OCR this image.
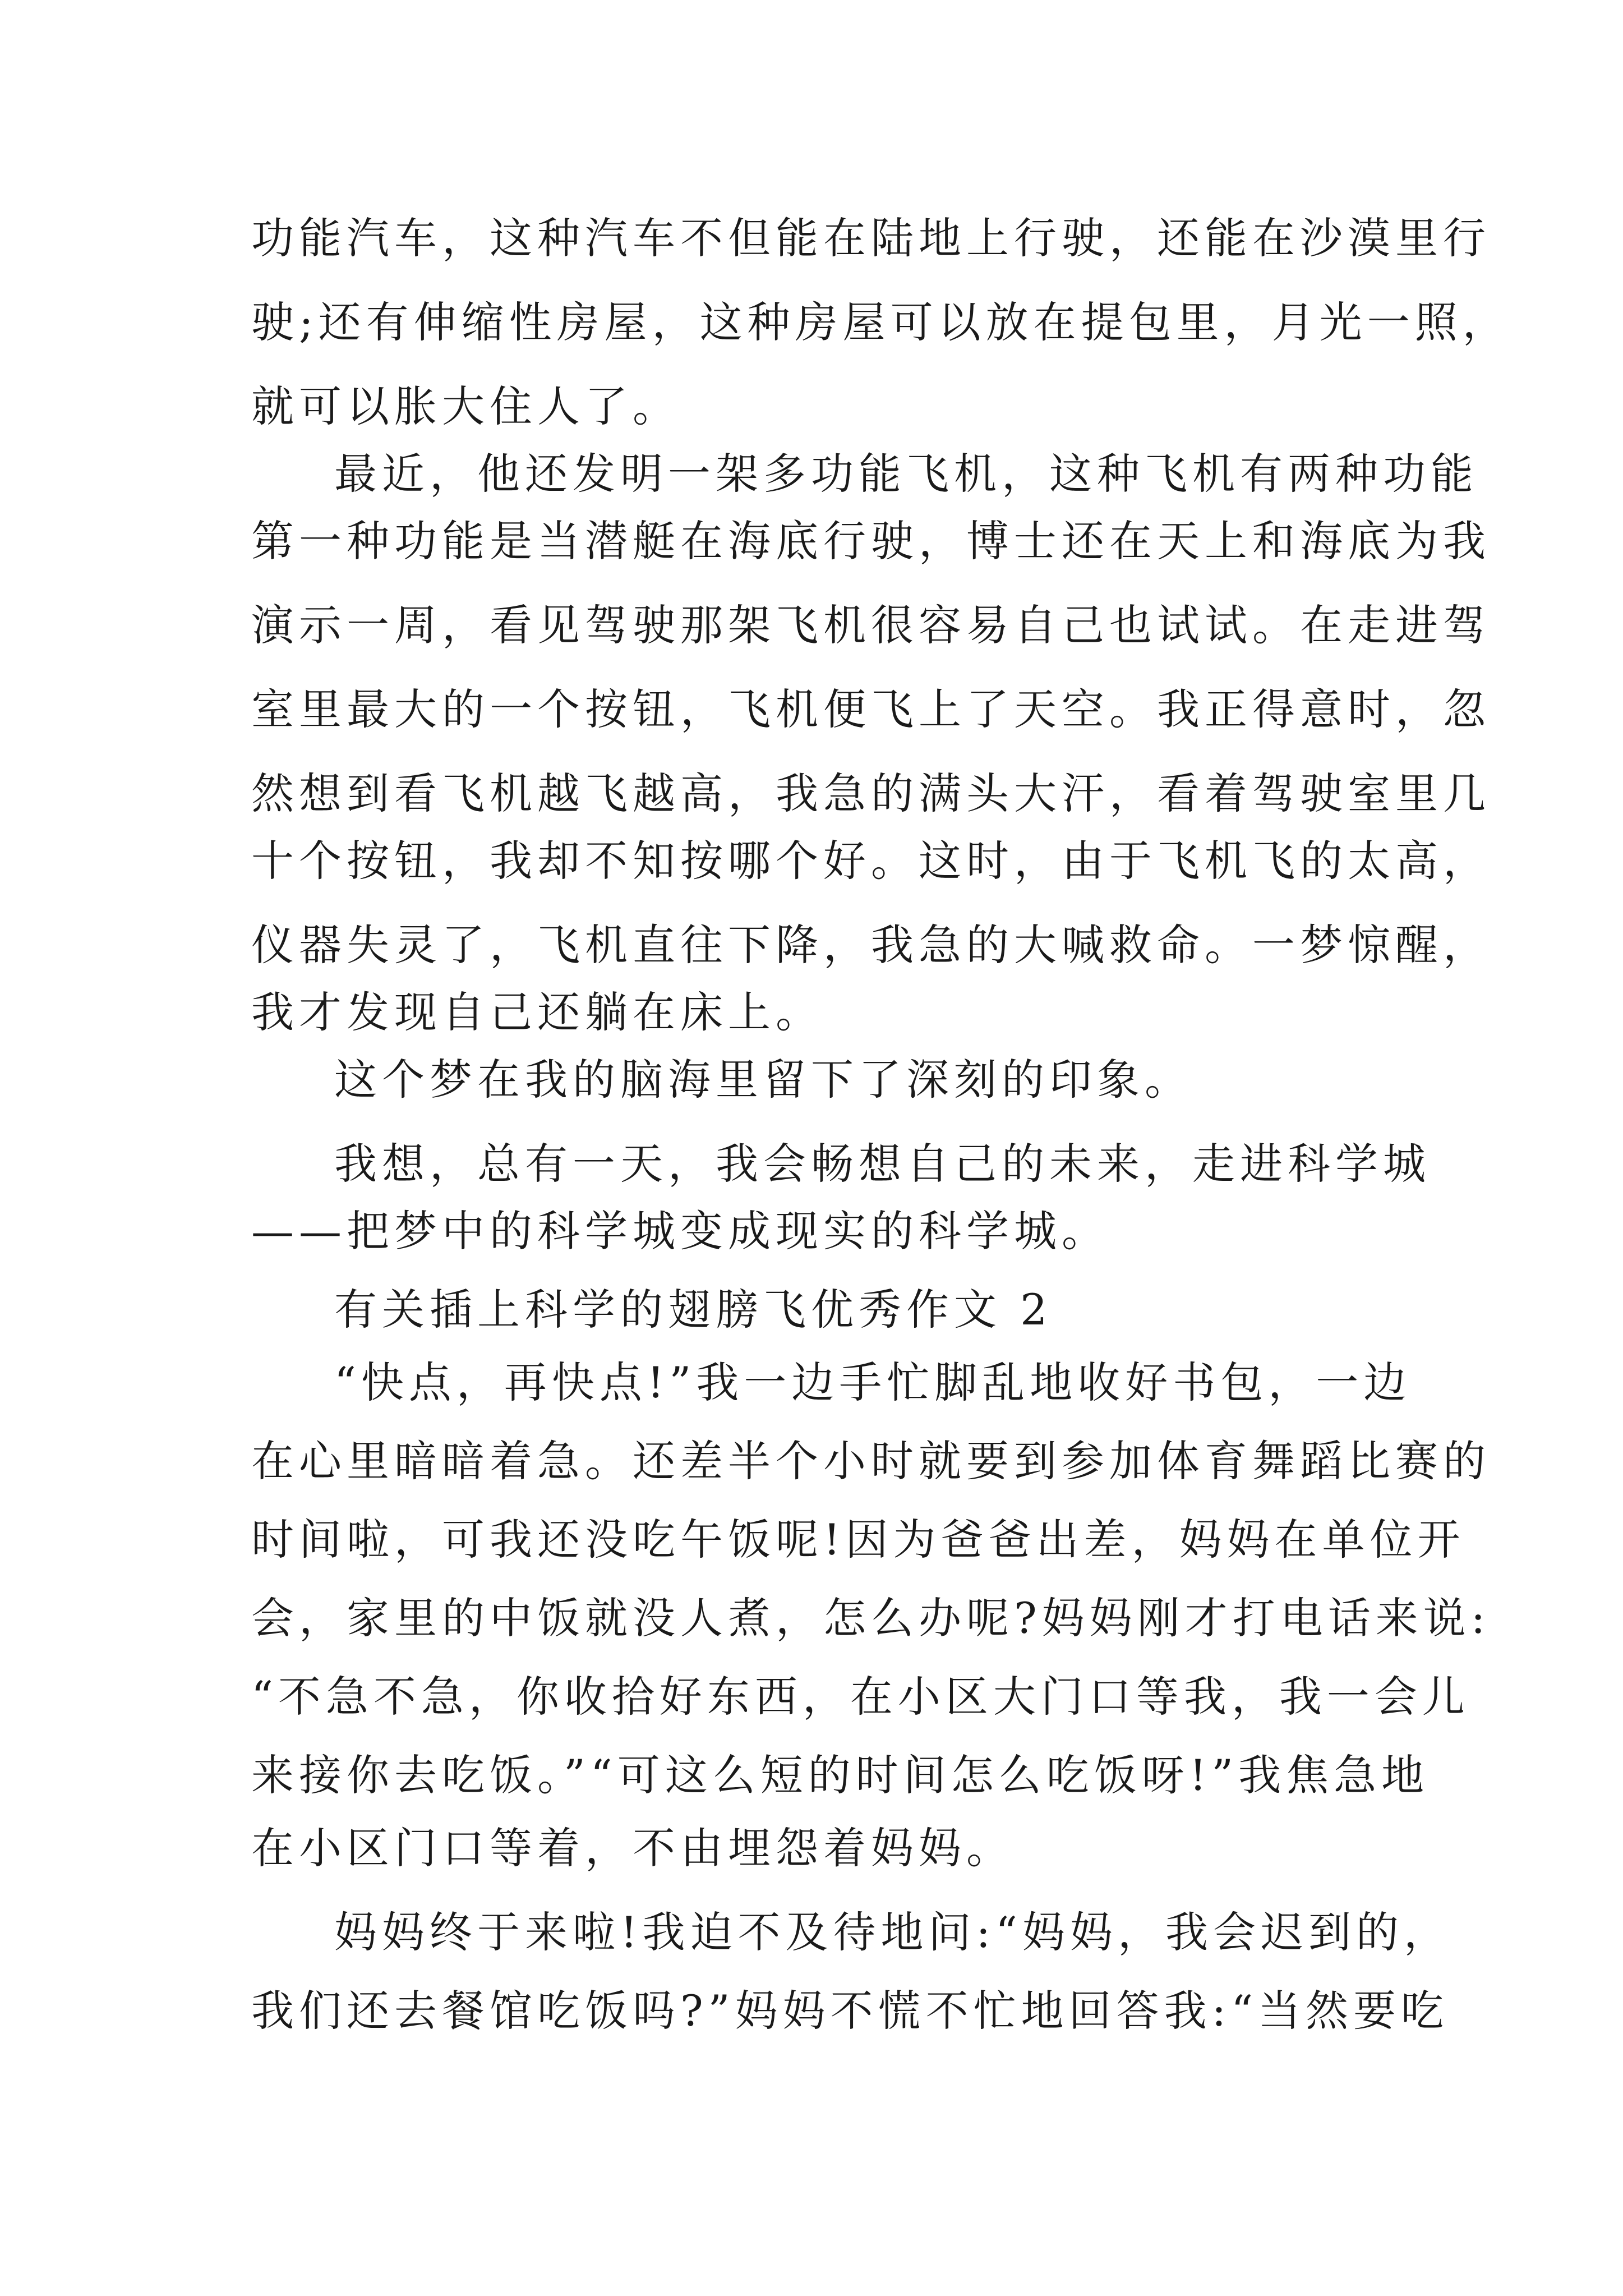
功能汽车，这种汽车不但能在陆地上行驶，还能在沙漠里行
驶;还有伸缩性房屋，这种房屋可以放在提包里，月光一照，
就可以胀大住人了。
最近，他还发明一架多功能飞机，这种飞机有两种功能
第一种功能是当潜艇在海底行驶，博士还在天上和海底为我
演示一周，看见驾驶那架飞机很容易自己也试试。在走进驾
室里最大的一个按钮，飞机便飞上了天空。我正得意时，忽
然想到看飞机越飞越高，我急的满头大汗，看着驾驶室里几
十个按钮，我却不知按哪个好。这时，由于飞机飞的太高，
仪器失灵了，飞机直往下降，我急的大喊救命。一梦惊醒，
我才发现自己还躺在床上。
这个梦在我的脑海里留下了深刻的印象。
我想，总有一天，我会畅想自己的未来，走进科学城
——把梦中的科学城变成现实的科学城。
有关插上科学的翅膀飞优秀作文 2
“快点，再快点!”我一边手忙脚乱地收好书包，一边
在心里暗暗着急。还差半个小时就要到参加体育舞蹈比赛的
时间啦，可我还没吃午饭呢!因为爸爸出差，妈妈在单位开
会，家里的中饭就没人煮，怎么办呢?妈妈刚才打电话来说:
“不急不急，你收拾好东西，在小区大门口等我，我一会儿
来接你去吃饭。”“可这么短的时间怎么吃饭呀!”我焦急地
在小区门口等着，不由埋怨着妈妈。
妈妈终于来啦!我迫不及待地问:“妈妈，我会迟到的，
我们还去餐馆吃饭吗?”妈妈不慌不忙地回答我:“当然要吃
